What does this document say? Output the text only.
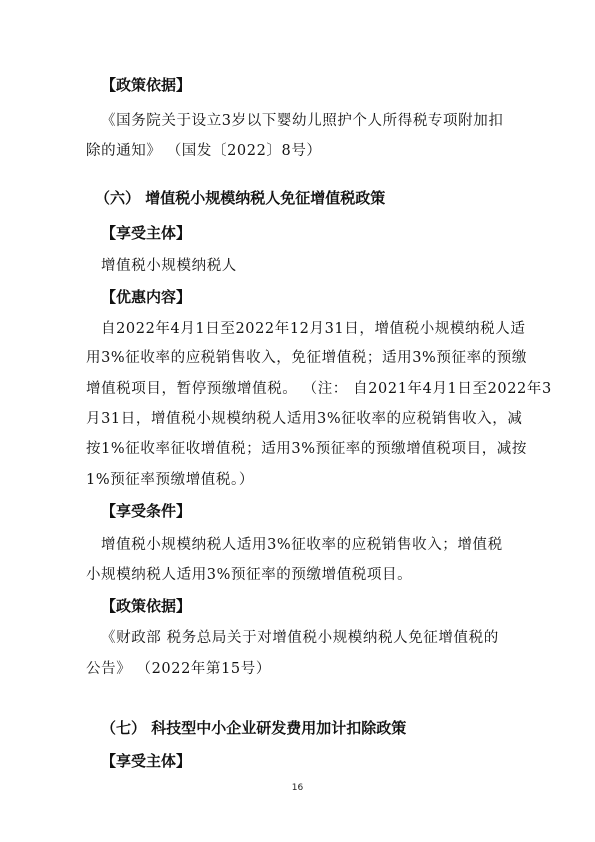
【政策依据】
《国务院关于设立3岁以下婴幼儿照护个人所得税专项附加扣
除的通知》 （国发〔2022〕8号）
（六） 增值税小规模纳税人免征增值税政策
【享受主体】
增值税小规模纳税人
【优惠内容】
自2022年4月1日至2022年12月31日，增值税小规模纳税人适
用3%征收率的应税销售收入，免征增值税；适用3%预征率的预缴
增值税项目，暂停预缴增值税。 （注： 自2021年4月1日至2022年3
月31日，增值税小规模纳税人适用3%征收率的应税销售收入，减
按1%征收率征收增值税；适用3%预征率的预缴增值税项目，减按
1%预征率预缴增值税。）
【享受条件】
增值税小规模纳税人适用3%征收率的应税销售收入；增值税
小规模纳税人适用3%预征率的预缴增值税项目。
【政策依据】
《财政部 税务总局关于对增值税小规模纳税人免征增值税的
公告》 （2022年第15号）
（七） 科技型中小企业研发费用加计扣除政策
【享受主体】
16
